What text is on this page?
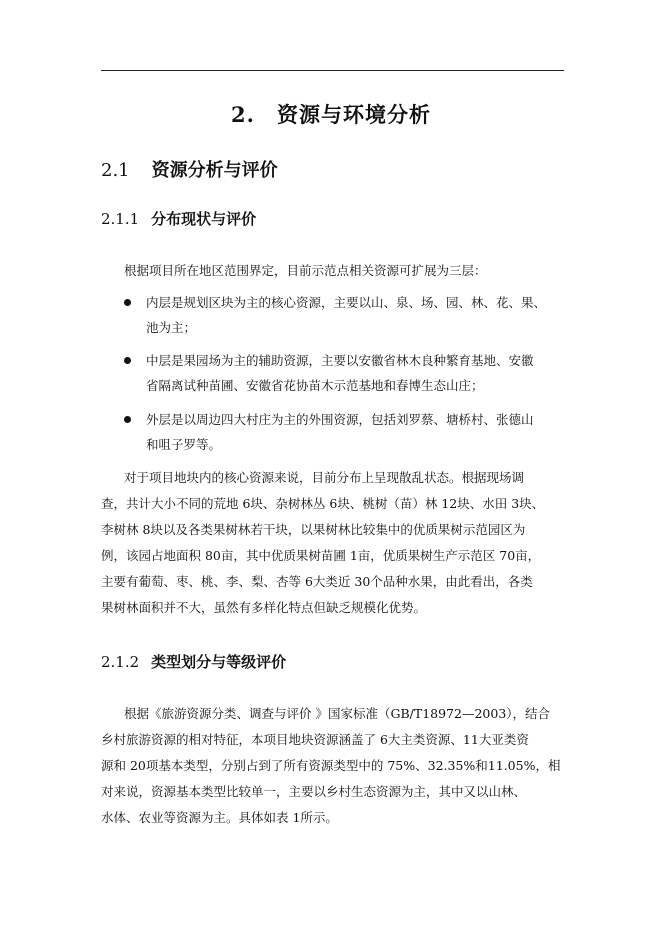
2. 资源与环境分析
2.1 资源分析与评价
2.1.1 分布现状与评价
根据项目所在地区范围界定，目前示范点相关资源可扩展为三层：
内层是规划区块为主的核心资源，主要以山、泉、场、园、林、花、果、
池为主；
中层是果园场为主的辅助资源，主要以安徽省林木良种繁育基地、安徽
省隔离试种苗圃、安徽省花协苗木示范基地和春博生态山庄；
外层是以周边四大村庄为主的外围资源，包括刘罗蔡、塘桥村、张德山
和咀子罗等。
对于项目地块内的核心资源来说，目前分布上呈现散乱状态。根据现场调
查，共计大小不同的荒地 6块、杂树林丛 6块、桃树（苗）林 12块、水田 3块、
李树林 8块以及各类果树林若干块，以果树林比较集中的优质果树示范园区为
例，该园占地面积 80亩，其中优质果树苗圃 1亩，优质果树生产示范区 70亩，
主要有葡萄、枣、桃、李、梨、杏等 6大类近 30个品种水果，由此看出，各类
果树林面积并不大，虽然有多样化特点但缺乏规模化优势。
2.1.2 类型划分与等级评价
根据《旅游资源分类、调查与评价 》国家标准（GB/T18972—2003），结合
乡村旅游资源的相对特征，本项目地块资源涵盖了 6大主类资源、11大亚类资
源和 20项基本类型，分别占到了所有资源类型中的 75%、32.35%和11.05%，相
对来说，资源基本类型比较单一，主要以乡村生态资源为主，其中又以山林、
水体、农业等资源为主。具体如表 1所示。
